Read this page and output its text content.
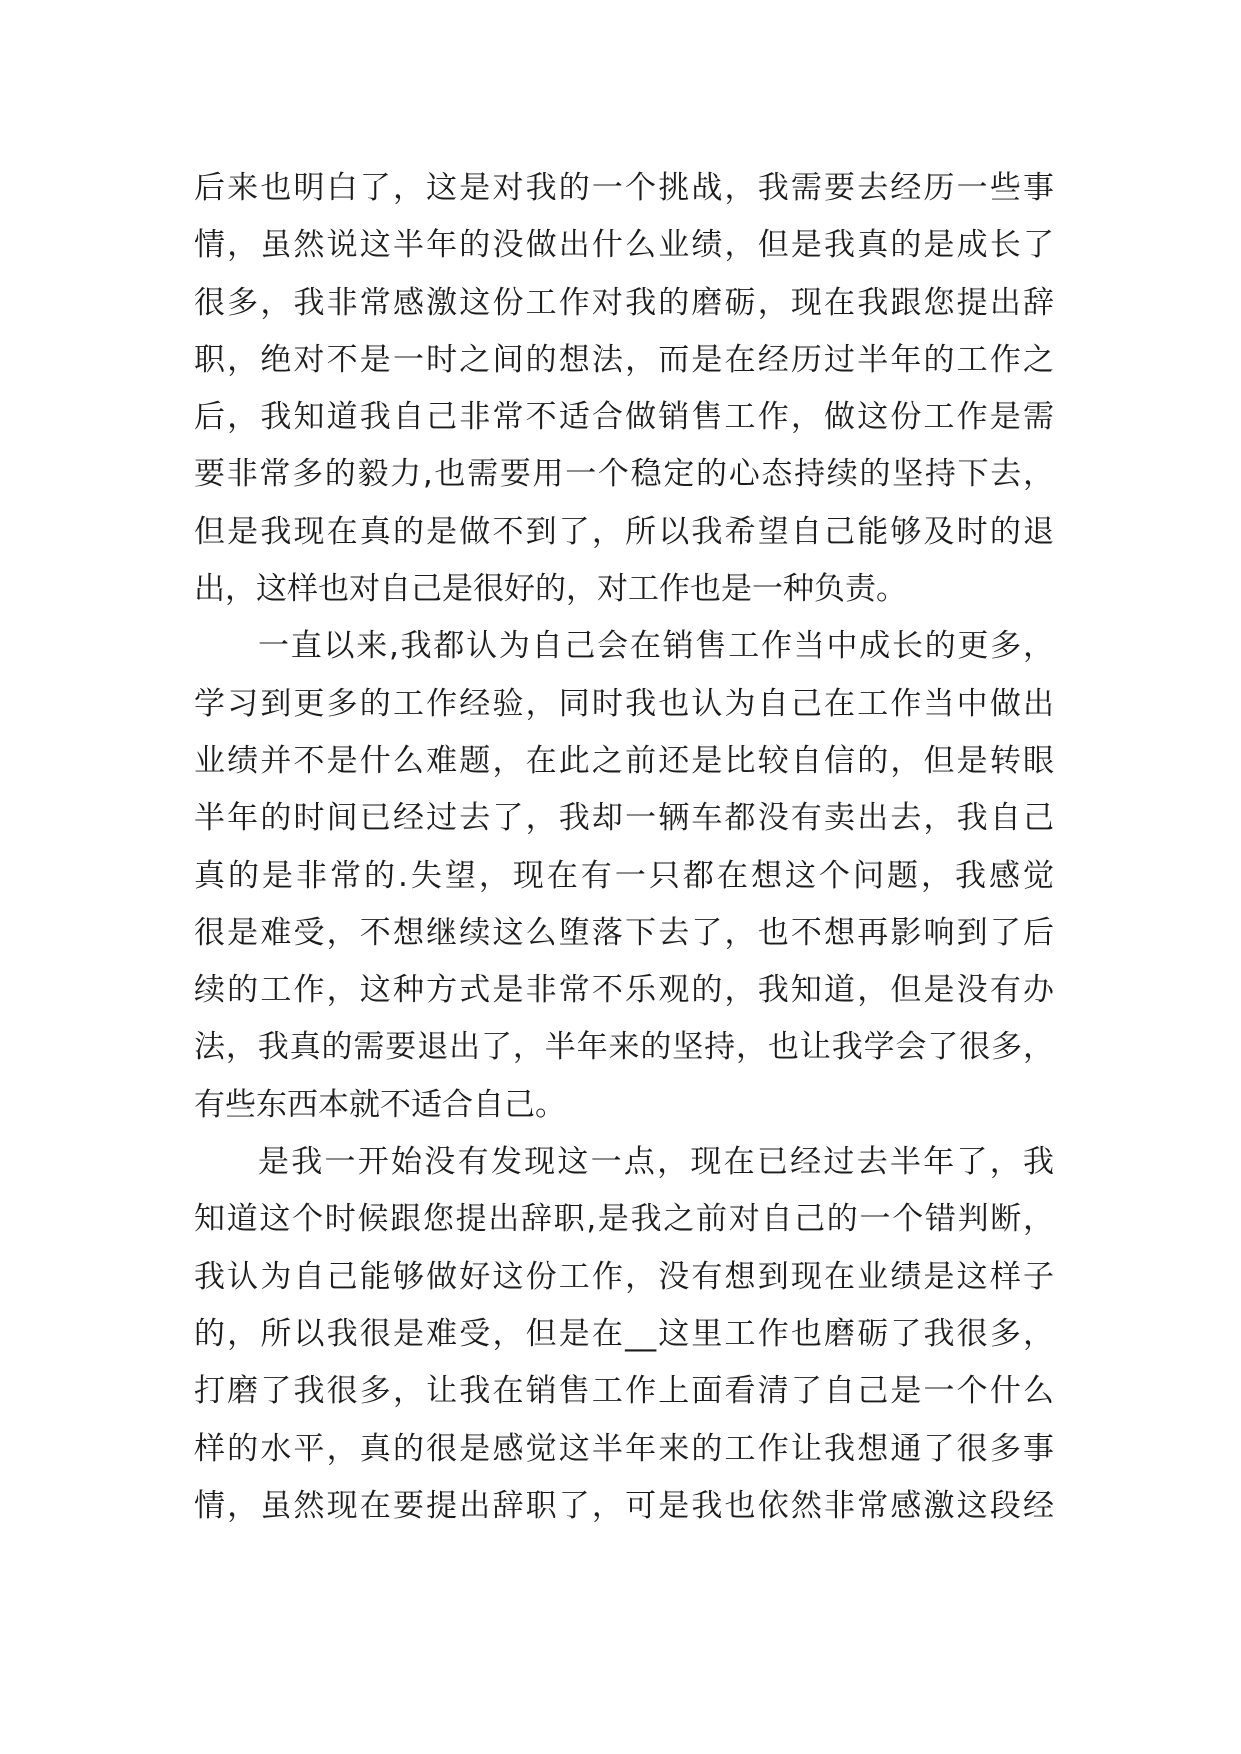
后来也明白了，这是对我的一个挑战，我需要去经历一些事
情，虽然说这半年的没做出什么业绩，但是我真的是成长了
很多，我非常感激这份工作对我的磨砺，现在我跟您提出辞
职，绝对不是一时之间的想法，而是在经历过半年的工作之
后，我知道我自己非常不适合做销售工作，做这份工作是需
要非常多的毅力,也需要用一个稳定的心态持续的坚持下去，
但是我现在真的是做不到了，所以我希望自己能够及时的退
出，这样也对自己是很好的，对工作也是一种负责。
一直以来,我都认为自己会在销售工作当中成长的更多，
学习到更多的工作经验，同时我也认为自己在工作当中做出
业绩并不是什么难题，在此之前还是比较自信的，但是转眼
半年的时间已经过去了，我却一辆车都没有卖出去，我自己
真的是非常的.失望，现在有一只都在想这个问题，我感觉
很是难受，不想继续这么堕落下去了，也不想再影响到了后
续的工作，这种方式是非常不乐观的，我知道，但是没有办
法，我真的需要退出了，半年来的坚持，也让我学会了很多，
有些东西本就不适合自己。
是我一开始没有发现这一点，现在已经过去半年了，我
知道这个时候跟您提出辞职,是我之前对自己的一个错判断，
我认为自己能够做好这份工作，没有想到现在业绩是这样子
的，所以我很是难受，但是在__这里工作也磨砺了我很多，
打磨了我很多，让我在销售工作上面看清了自己是一个什么
样的水平，真的很是感觉这半年来的工作让我想通了很多事
情，虽然现在要提出辞职了，可是我也依然非常感激这段经
